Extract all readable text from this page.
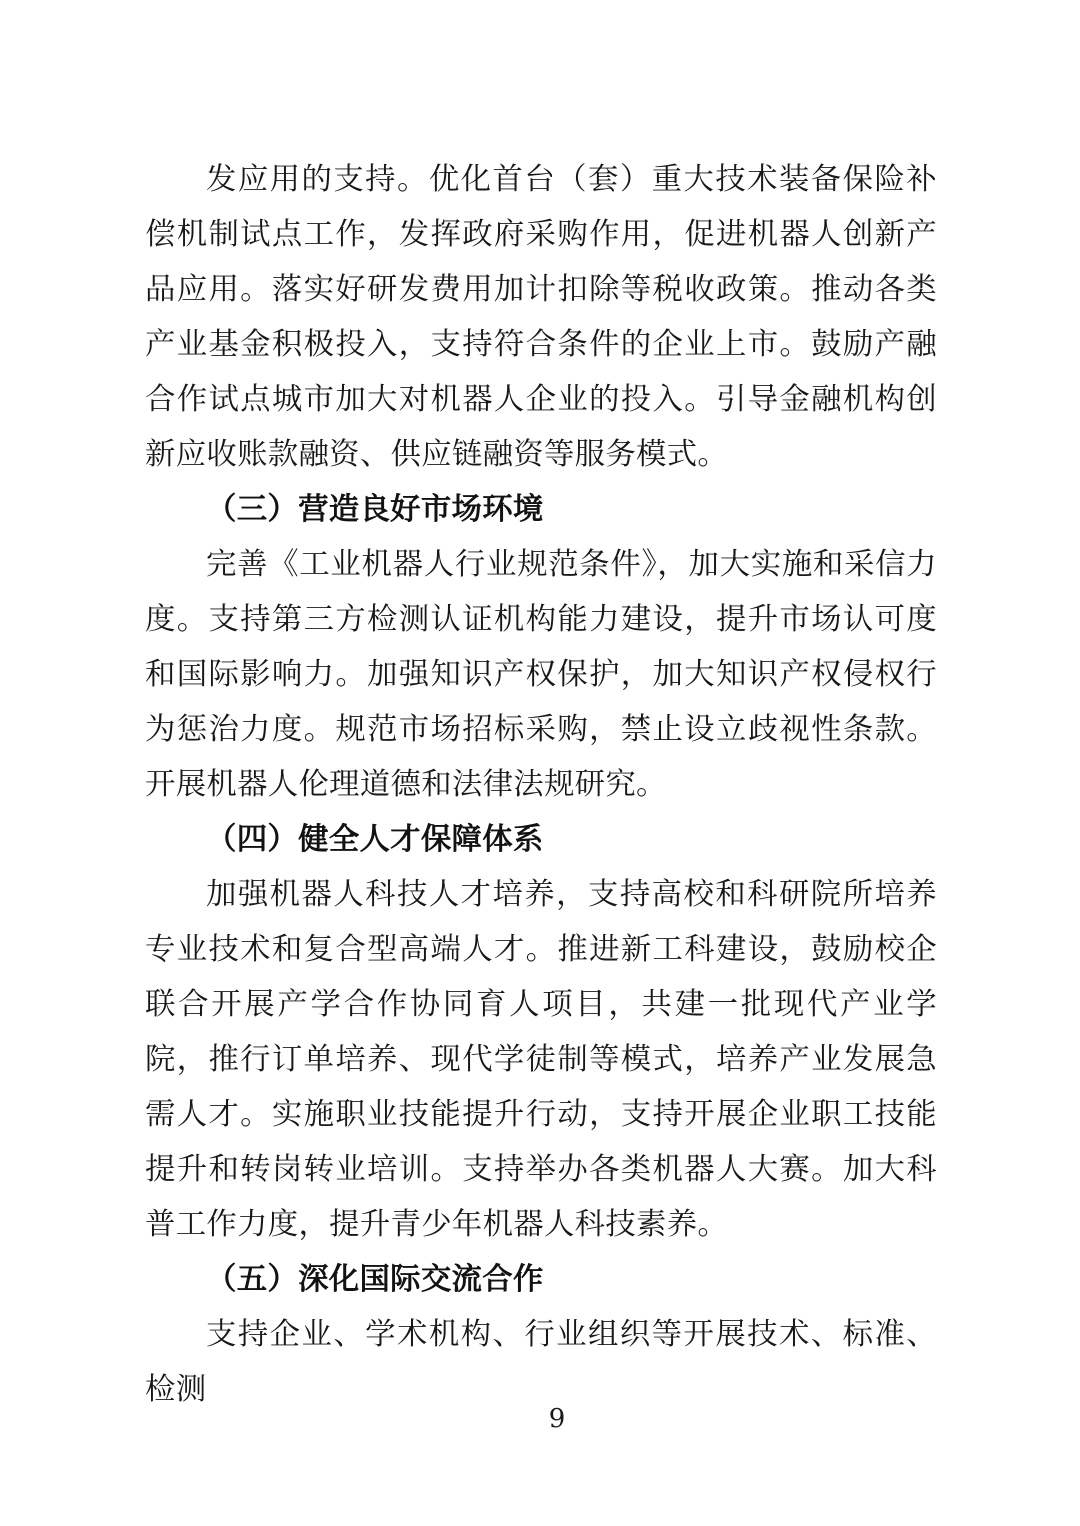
发应用的支持。优化首台（套）重大技术装备保险补偿机制试点工作，发挥政府采购作用，促进机器人创新产品应用。落实好研发费用加计扣除等税收政策。推动各类产业基金积极投入，支持符合条件的企业上市。鼓励产融合作试点城市加大对机器人企业的投入。引导金融机构创新应收账款融资、供应链融资等服务模式。

（三）营造良好市场环境

完善《工业机器人行业规范条件》，加大实施和采信力度。支持第三方检测认证机构能力建设，提升市场认可度和国际影响力。加强知识产权保护，加大知识产权侵权行为惩治力度。规范市场招标采购，禁止设立歧视性条款。开展机器人伦理道德和法律法规研究。

（四）健全人才保障体系

加强机器人科技人才培养，支持高校和科研院所培养专业技术和复合型高端人才。推进新工科建设，鼓励校企联合开展产学合作协同育人项目，共建一批现代产业学院，推行订单培养、现代学徒制等模式，培养产业发展急需人才。实施职业技能提升行动，支持开展企业职工技能提升和转岗转业培训。支持举办各类机器人大赛。加大科普工作力度，提升青少年机器人科技素养。

（五）深化国际交流合作

支持企业、学术机构、行业组织等开展技术、标准、检测

9
